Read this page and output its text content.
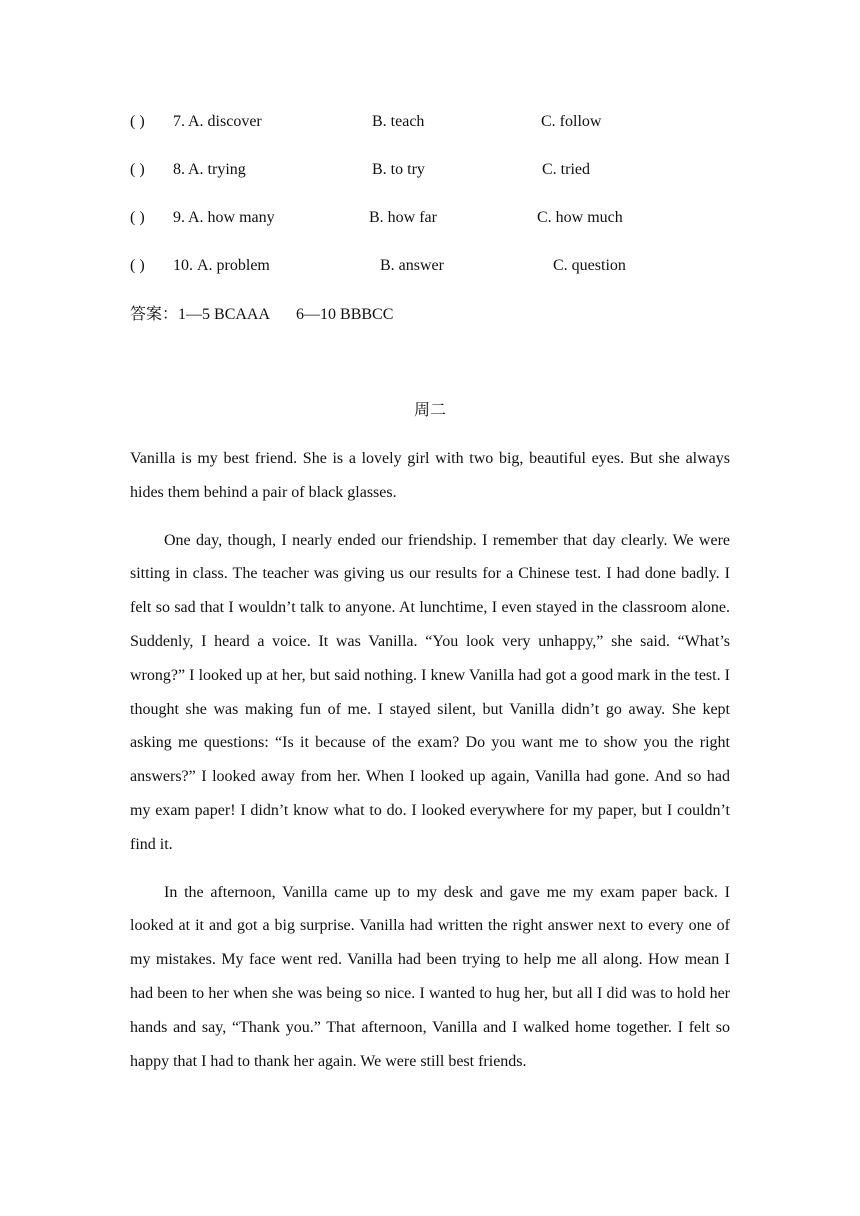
( ) 7. A. discover	B. teach	C. follow
( ) 8. A. trying	B. to try	C. tried
( ) 9. A. how many	B. how far	C. how much
( ) 10. A. problem	B. answer	C. question
答案：1—5 BCAAA 6—10 BBBCC
周二

Vanilla is my best friend. She is a lovely girl with two big, beautiful eyes. But she always hides them behind a pair of black glasses.

One day, though, I nearly ended our friendship. I remember that day clearly. We were sitting in class. The teacher was giving us our results for a Chinese test. I had done badly. I felt so sad that I wouldn’t talk to anyone. At lunchtime, I even stayed in the classroom alone. Suddenly, I heard a voice. It was Vanilla. “You look very unhappy,” she said. “What’s wrong?” I looked up at her, but said nothing. I knew Vanilla had got a good mark in the test. I thought she was making fun of me. I stayed silent, but Vanilla didn’t go away. She kept asking me questions: “Is it because of the exam? Do you want me to show you the right answers?” I looked away from her. When I looked up again, Vanilla had gone. And so had my exam paper! I didn’t know what to do. I looked everywhere for my paper, but I couldn’t find it.

In the afternoon, Vanilla came up to my desk and gave me my exam paper back. I looked at it and got a big surprise. Vanilla had written the right answer next to every one of my mistakes. My face went red. Vanilla had been trying to help me all along. How mean I had been to her when she was being so nice. I wanted to hug her, but all I did was to hold her hands and say, “Thank you.” That afternoon, Vanilla and I walked home together. I felt so happy that I had to thank her again. We were still best friends.
